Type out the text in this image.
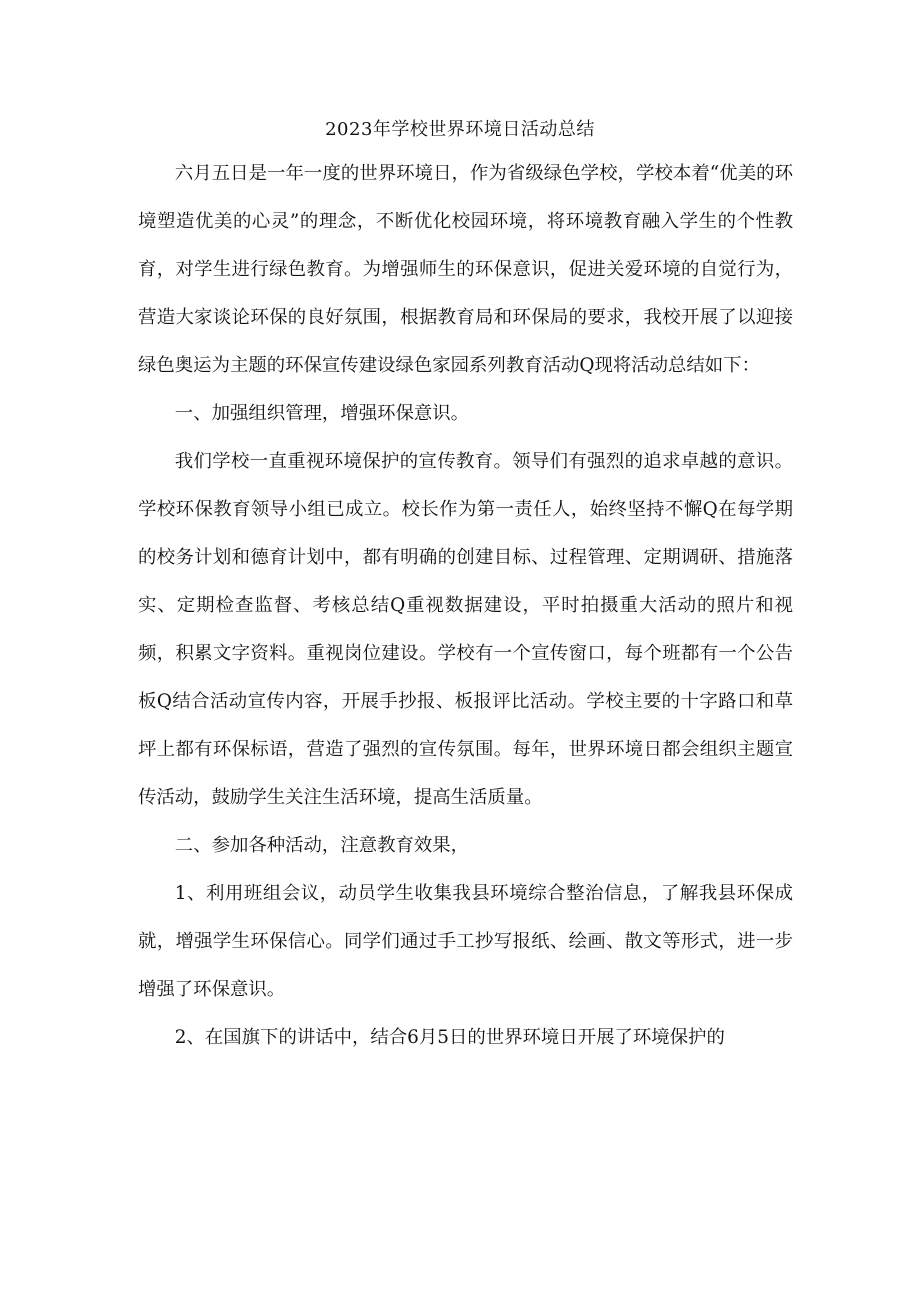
2023年学校世界环境日活动总结

六月五日是一年一度的世界环境日，作为省级绿色学校，学校本着“优美的环境塑造优美的心灵”的理念，不断优化校园环境，将环境教育融入学生的个性教育，对学生进行绿色教育。为增强师生的环保意识，促进关爱环境的自觉行为，营造大家谈论环保的良好氛围，根据教育局和环保局的要求，我校开展了以迎接绿色奥运为主题的环保宣传建设绿色家园系列教育活动Q现将活动总结如下：

一、加强组织管理，增强环保意识。

我们学校一直重视环境保护的宣传教育。领导们有强烈的追求卓越的意识。学校环保教育领导小组已成立。校长作为第一责任人，始终坚持不懈Q在每学期的校务计划和德育计划中，都有明确的创建目标、过程管理、定期调研、措施落实、定期检查监督、考核总结Q重视数据建设，平时拍摄重大活动的照片和视频，积累文字资料。重视岗位建设。学校有一个宣传窗口，每个班都有一个公告板Q结合活动宣传内容，开展手抄报、板报评比活动。学校主要的十字路口和草坪上都有环保标语，营造了强烈的宣传氛围。每年，世界环境日都会组织主题宣传活动，鼓励学生关注生活环境，提高生活质量。

二、参加各种活动，注意教育效果，

1、利用班组会议，动员学生收集我县环境综合整治信息，了解我县环保成就，增强学生环保信心。同学们通过手工抄写报纸、绘画、散文等形式，进一步增强了环保意识。

2、在国旗下的讲话中，结合6月5日的世界环境日开展了环境保护的
